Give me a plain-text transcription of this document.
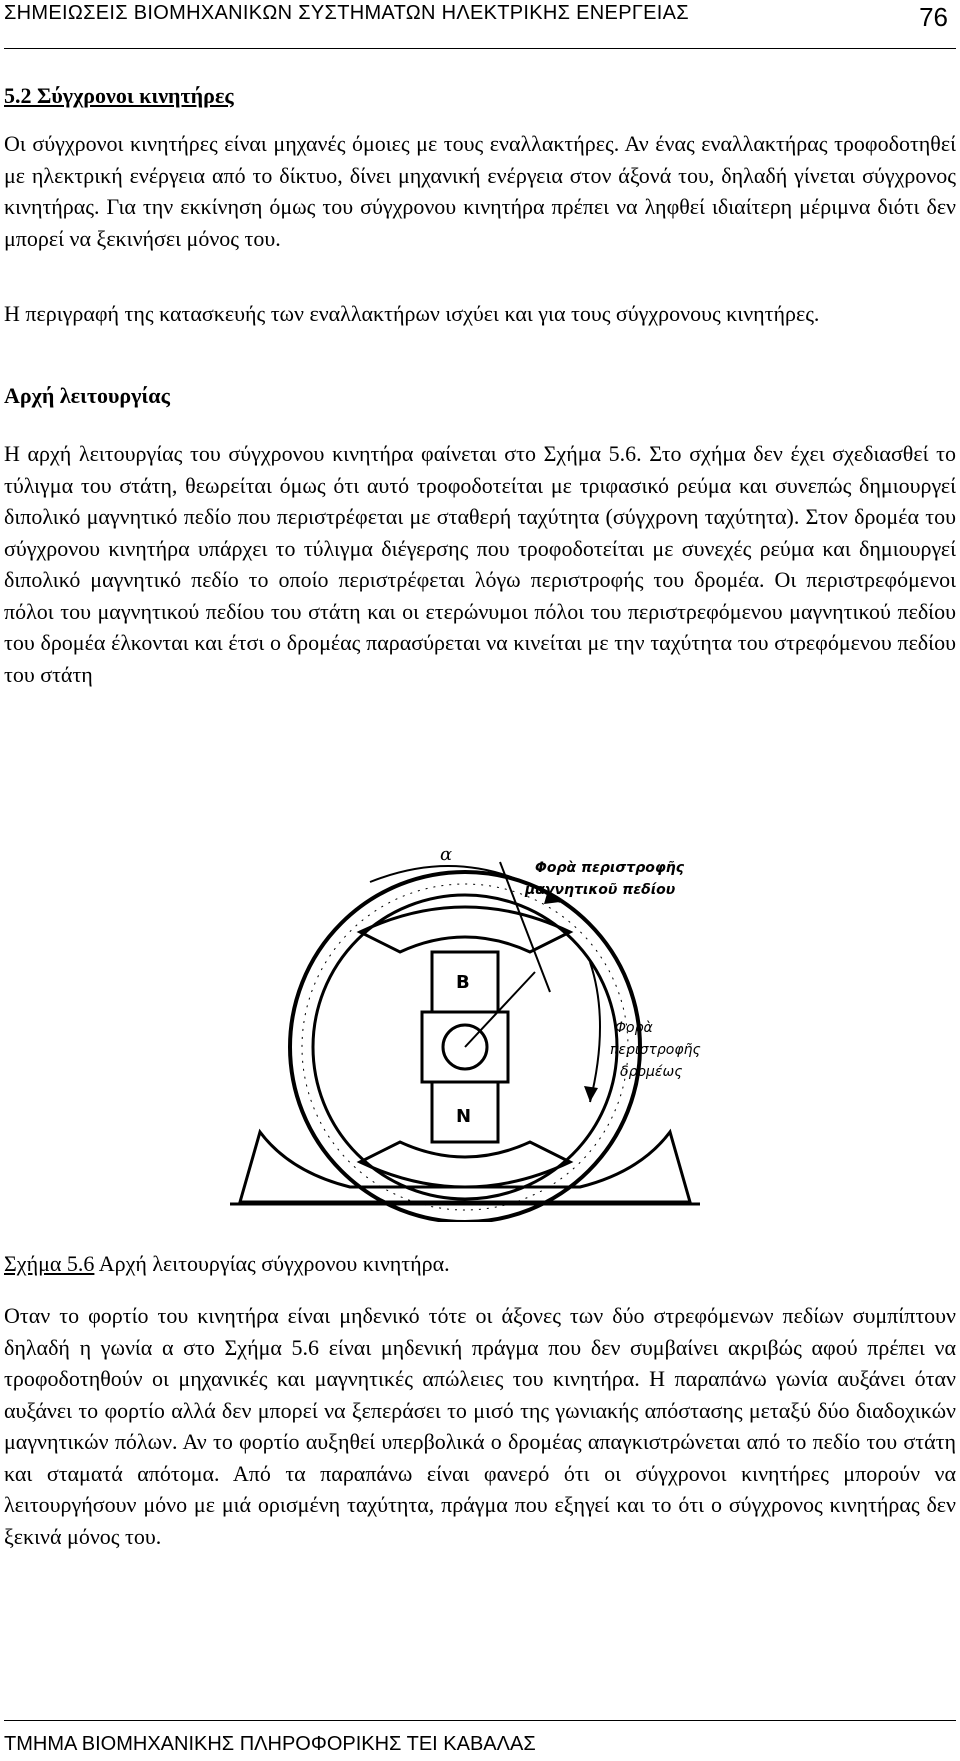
ΣΗΜΕΙΩΣΕΙΣ ΒΙΟΜΗΧΑΝΙΚΩΝ ΣΥΣΤΗΜΑΤΩΝ ΗΛΕΚΤΡΙΚΗΣ ΕΝΕΡΓΕΙΑΣ	76
5.2 Σύγχρονοι κινητήρες

Οι σύγχρονοι κινητήρες είναι μηχανές όμοιες με τους εναλλακτήρες. Αν ένας εναλλακτήρας τροφοδοτηθεί με ηλεκτρική ενέργεια από το δίκτυο, δίνει μηχανική ενέργεια στον άξονά του, δηλαδή γίνεται σύγχρονος κινητήρας. Για την εκκίνηση όμως του σύγχρονου κινητήρα πρέπει να ληφθεί ιδιαίτερη μέριμνα διότι δεν μπορεί να ξεκινήσει μόνος του.

Η περιγραφή της κατασκευής των εναλλακτήρων ισχύει και για τους σύγχρονους κινητήρες.

Αρχή λειτουργίας

Η αρχή λειτουργίας του σύγχρονου κινητήρα φαίνεται στο Σχήμα 5.6. Στο σχήμα δεν έχει σχεδιασθεί το τύλιγμα του στάτη, θεωρείται όμως ότι αυτό τροφοδοτείται με τριφασικό ρεύμα και συνεπώς δημιουργεί διπολικό μαγνητικό πεδίο που περιστρέφεται με σταθερή ταχύτητα (σύγχρονη ταχύτητα). Στον δρομέα του σύγχρονου κινητήρα υπάρχει το τύλιγμα διέγερσης που τροφοδοτείται με συνεχές ρεύμα και δημιουργεί διπολικό μαγνητικό πεδίο το οποίο περιστρέφεται λόγω περιστροφής του δρομέα. Οι περιστρεφόμενοι πόλοι του μαγνητικού πεδίου του στάτη και οι ετερώνυμοι πόλοι του περιστρεφόμενου μαγνητικού πεδίου του δρομέα έλκονται και έτσι ο δρομέας παρασύρεται να κινείται με την ταχύτητα του στρεφόμενου πεδίου του στάτη

B
N
α
Φορὰ περιστροφῆς
μαγνητικοῦ πεδίου
Φορὰ
περιστροφῆς
δρομέως
Σχήμα 5.6 Αρχή λειτουργίας σύγχρονου κινητήρα.

Οταν το φορτίο του κινητήρα είναι μηδενικό τότε οι άξονες των δύο στρεφόμενων πεδίων συμπίπτουν δηλαδή η γωνία α στο Σχήμα 5.6 είναι μηδενική πράγμα που δεν συμβαίνει ακριβώς αφού πρέπει να τροφοδοτηθούν οι μηχανικές και μαγνητικές απώλειες του κινητήρα. Η παραπάνω γωνία αυξάνει όταν αυξάνει το φορτίο αλλά δεν μπορεί να ξεπεράσει το μισό της γωνιακής απόστασης μεταξύ δύο διαδοχικών μαγνητικών πόλων. Αν το φορτίο αυξηθεί υπερβολικά ο δρομέας απαγκιστρώνεται από το πεδίο του στάτη και σταματά απότομα. Από τα παραπάνω είναι φανερό ότι οι σύγχρονοι κινητήρες μπορούν να λειτουργήσουν μόνο με μιά ορισμένη ταχύτητα, πράγμα που εξηγεί και το ότι ο σύγχρονος κινητήρας δεν ξεκινά μόνος του.

ΤΜΗΜΑ ΒΙΟΜΗΧΑΝΙΚΗΣ ΠΛΗΡΟΦΟΡΙΚΗΣ ΤΕΙ ΚΑΒΑΛΑΣ
